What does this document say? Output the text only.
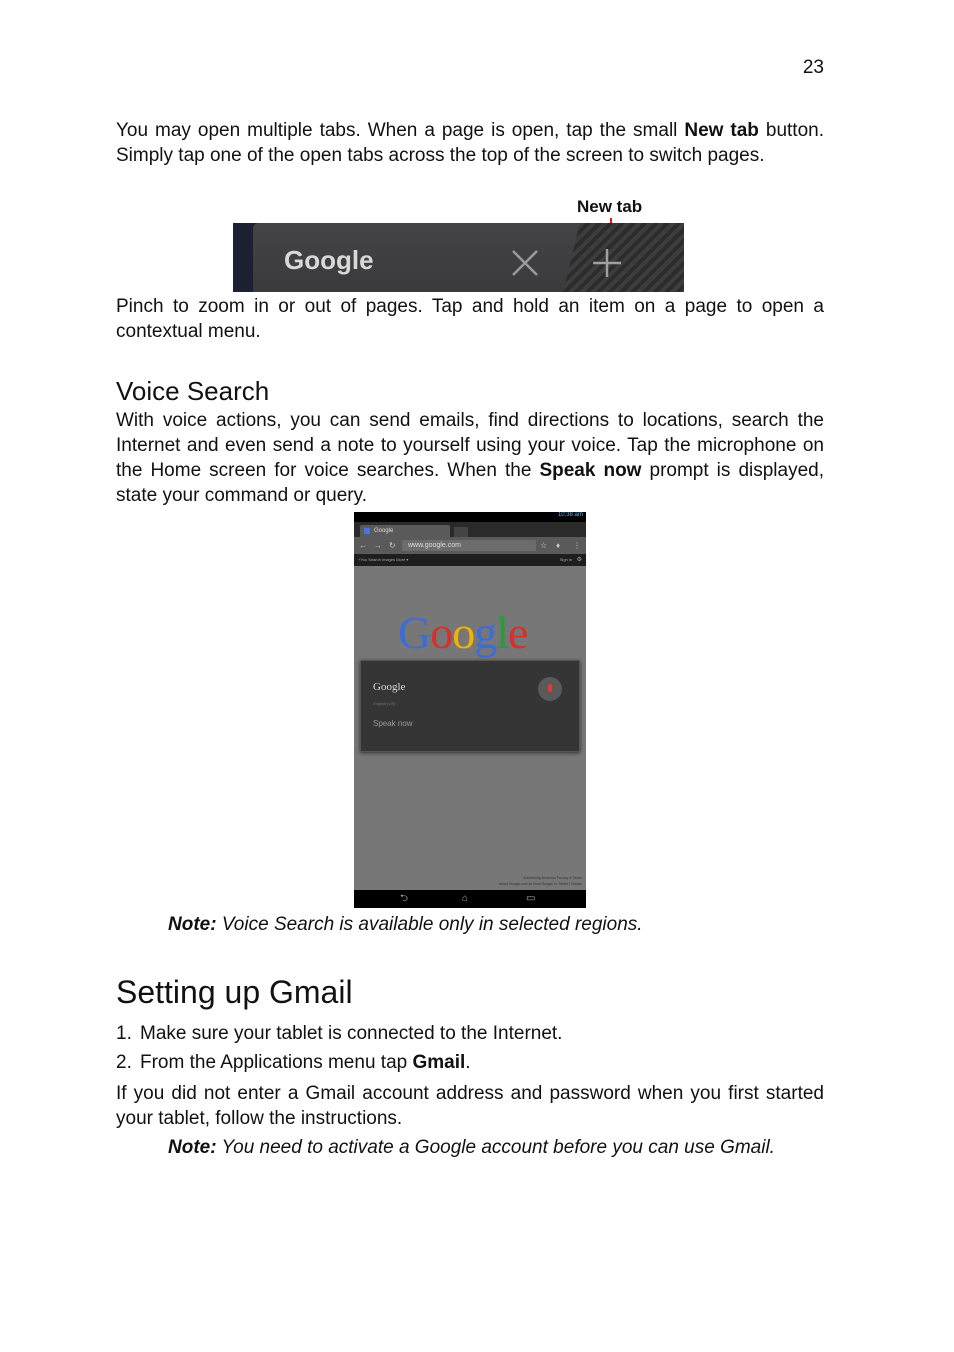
23

You may open multiple tabs. When a page is open, tap the small New tab button. Simply tap one of the open tabs across the top of the screen to switch pages.

New tab
Google

Pinch to zoom in or out of pages. Tap and hold an item on a page to open a contextual menu.

Voice Search

With voice actions, you can send emails, find directions to locations, search the Internet and even send a note to yourself using your voice. Tap the microphone on the Home screen for voice searches. When the Speak now prompt is displayed, state your command or query.

10:38 am
Google
← → ↻	www.google.com	☆ ♦ ⋮
+You Search Images More ▾	Sign in ⚙
Google
Google
English (US)
Speak now
Advertising Business Privacy & Terms
About Google.com.tw View Google in: Tablet | Classic
⮌	⌂	▭
Note: Voice Search is available only in selected regions.
Setting up Gmail
1. Make sure your tablet is connected to the Internet.
2. From the Applications menu tap Gmail.

If you did not enter a Gmail account address and password when you first started your tablet, follow the instructions.

Note: You need to activate a Google account before you can use Gmail.
